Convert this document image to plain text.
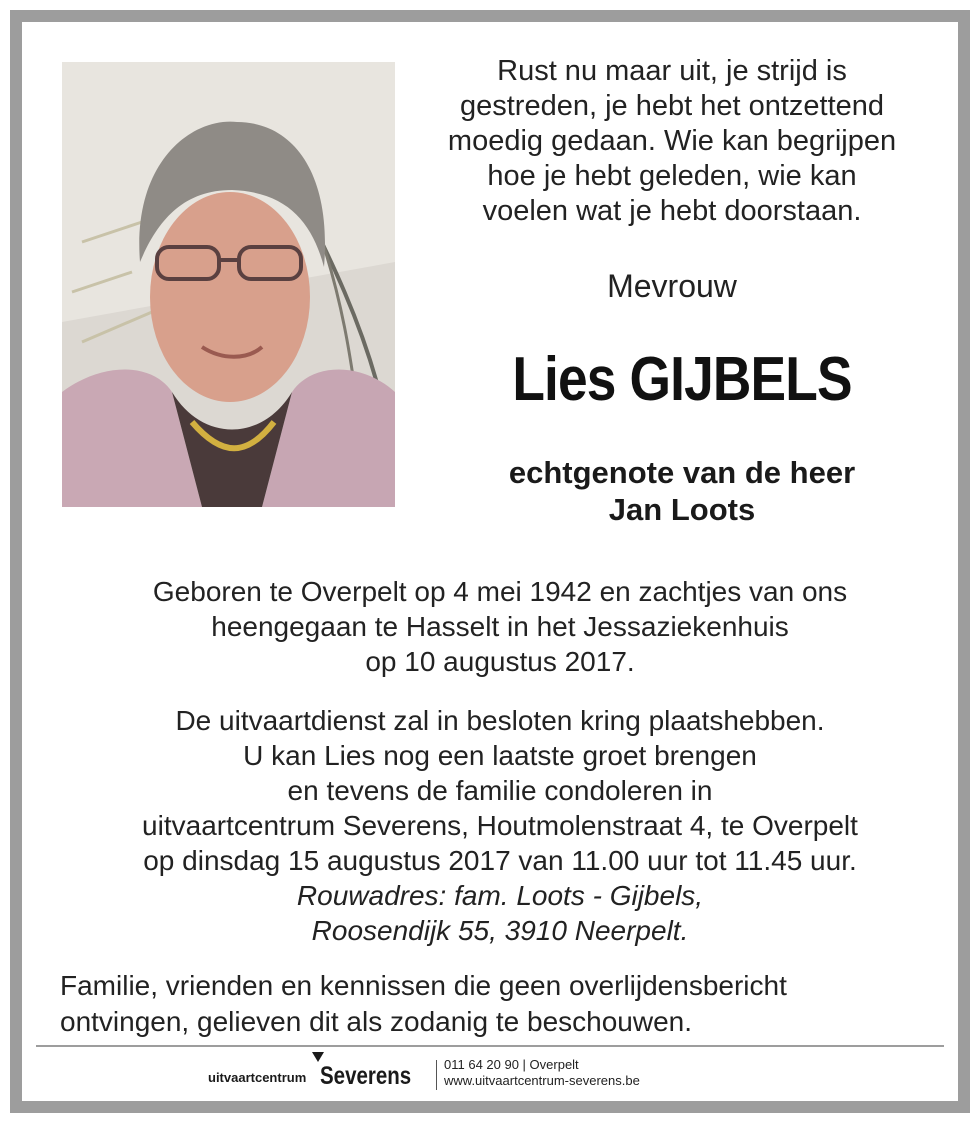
Rust nu maar uit, je strijd is
gestreden, je hebt het ontzettend
moedig gedaan. Wie kan begrijpen
hoe je hebt geleden, wie kan
voelen wat je hebt doorstaan.
Mevrouw
Lies GIJBELS
echtgenote van de heer
Jan Loots
Geboren te Overpelt op 4 mei 1942 en zachtjes van ons
heengegaan te Hasselt in het Jessaziekenhuis
op 10 augustus 2017.
De uitvaartdienst zal in besloten kring plaatshebben.
U kan Lies nog een laatste groet brengen
en tevens de familie condoleren in
uitvaartcentrum Severens, Houtmolenstraat 4, te Overpelt
op dinsdag 15 augustus 2017 van 11.00 uur tot 11.45 uur.
Rouwadres: fam. Loots - Gijbels,
Roosendijk 55, 3910 Neerpelt.
Familie, vrienden en kennissen die geen overlijdensbericht
ontvingen, gelieven dit als zodanig te beschouwen.
uitvaartcentrum Severens	011 64 20 90 | Overpelt
www.uitvaartcentrum-severens.be
